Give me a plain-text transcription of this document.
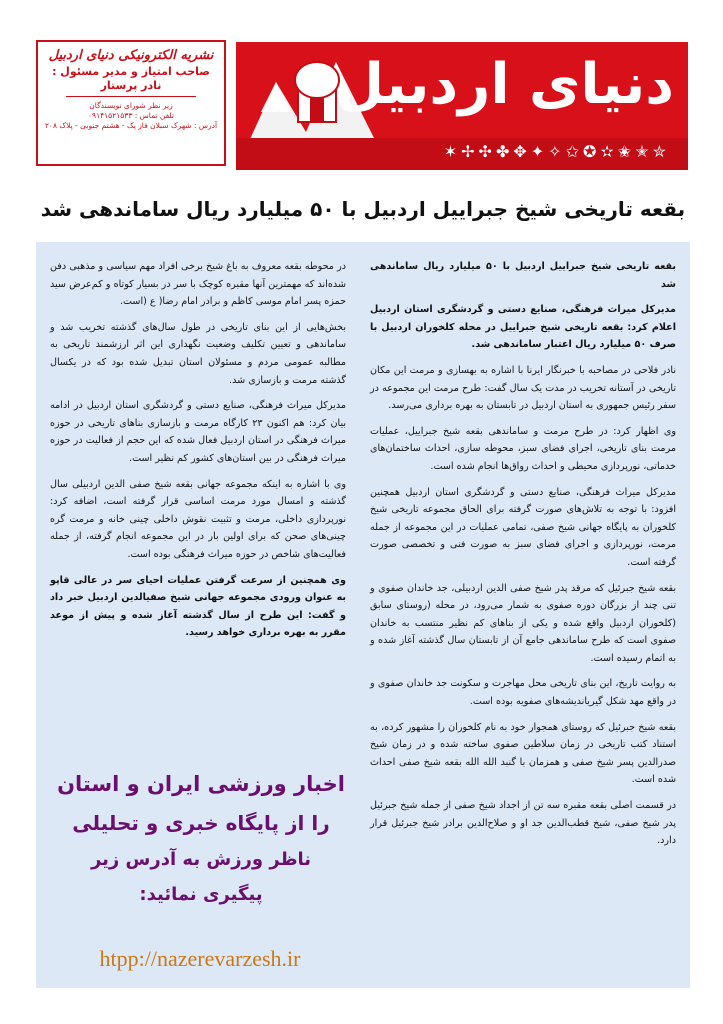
دنیای اردبیل
✶✢✣✤✥✦✧✩✪✫✬✭✮
نشریه الکترونیکی دنیای اردبیل
صاحب امتیاز و مدیر مسئول :
نادر پرستار
زیر نظر شورای نویسندگان
تلفن تماس : ۰۹۱۴۱۵۲۱۵۳۳
آدرس : شهرک سبلان فاز یک - هشتم جنوبی - پلاک ۲۰۸
بقعه تاریخی شیخ جبراییل اردبیل با ۵۰ میلیارد ریال ساماندهی شد

بقعه تاریخی شیخ جبراییل اردبیل با ۵۰ میلیارد ریال ساماندهی شد

مدیرکل میراث فرهنگی، صنایع دستی و گردشگری استان اردبیل اعلام کرد: بقعه تاریخی شیخ جبراییل در محله کلخوران اردبیل با صرف ۵۰ میلیارد ریال اعتبار ساماندهی شد.

نادر فلاحی در مصاحبه با خبرنگار ایرنا با اشاره به بهسازی و مرمت این مکان تاریخی در آستانه تخریب در مدت یک سال گفت: طرح مرمت این مجموعه در سفر رئیس جمهوری به استان اردبیل در تابستان به بهره برداری می‌رسد.

وی اظهار کرد: در طرح مرمت و ساماندهی بقعه شیخ جبراییل، عملیات مرمت بنای تاریخی، اجرای فضای سبز، محوطه سازی، احداث ساختمان‌های خدماتی، نورپردازی محیطی و احداث رواق‌ها انجام شده است.

مدیرکل میراث فرهنگی، صنایع دستی و گردشگری استان اردبیل همچنین افزود: با توجه به تلاش‌های صورت گرفته برای الحاق مجموعه تاریخی شیخ کلخوران به پایگاه جهانی شیخ صفی، تمامی عملیات در این مجموعه از جمله مرمت، نورپردازی و اجرای فضای سبز به صورت فنی و تخصصی صورت گرفته است.

بقعه شیخ جبرئیل که مرقد پدر شیخ صفی الدین اردبیلی، جد خاندان صفوی و تنی چند از بزرگان دوره صفوی به شمار می‌رود، در محله (روستای سابق (کلخوران اردبیل واقع شده و یکی از بناهای کم نظیر منتسب به خاندان صفوی است که طرح ساماندهی جامع آن از تابستان سال گذشته آغاز شده و به اتمام رسیده است.

به روایت تاریخ، این بنای تاریخی محل مهاجرت و سکونت جد خاندان صفوی و در واقع مهد شکل گیریاندیشه‌های صفویه بوده است.

بقعه شیخ جبرئیل که روستای همجوار خود به نام کلخوران را مشهور کرده، به استناد کتب تاریخی در زمان سلاطین صفوی ساخته شده و در زمان شیخ صدرالدین پسر شیخ صفی و همزمان با گنبد الله الله بقعه شیخ صفی احداث شده است.

در قسمت اصلی بقعه مقبره سه تن از اجداد شیخ صفی از جمله شیخ جبرئیل پدر شیخ صفی، شیخ قطب‌الدین جد او و صلاح‌الدین برادر شیخ جبرئیل قرار دارد.

در محوطه بقعه معروف به باغ شیخ برخی افراد مهم سیاسی و مذهبی دفن شده‌اند که مهمترین آنها مقبره کوچک با سر در بسیار کوتاه و کم‌عرض سید حمزه پسر امام موسی کاظم و برادر امام رضا( ع (است.

بخش‌هایی از این بنای تاریخی در طول سال‌های گذشته تخریب شد و ساماندهی و تعیین تکلیف وضعیت نگهداری این اثر ارزشمند تاریخی به مطالبه عمومی مردم و مسئولان استان تبدیل شده بود که در یکسال گذشته مرمت و بازسازی شد.

مدیرکل میراث فرهنگی، صنایع دستی و گردشگری استان اردبیل در ادامه بیان کرد: هم اکنون ۲۳ کارگاه مرمت و بازسازی بناهای تاریخی در حوزه میراث فرهنگی در استان اردبیل فعال شده که این حجم از فعالیت در حوزه میراث فرهنگی در بین استان‌های کشور کم نظیر است.

وی با اشاره به اینکه مجموعه جهانی بقعه شیخ صفی الدین اردبیلی سال گذشته و امسال مورد مرمت اساسی قرار گرفته است، اضافه کرد: نورپردازی داخلی، مرمت و تثبیت نقوش داخلی چینی خانه و مرمت گره چینی‌های صحن که برای اولین بار در این مجموعه انجام گرفته، از جمله فعالیت‌های شاخص در حوزه میراث فرهنگی بوده است.

وی همچنین از سرعت گرفتن عملیات احیای سر در عالی قاپو به عنوان ورودی مجموعه جهانی شیخ صفیالدین اردبیل خبر داد و گفت: این طرح از سال گذشته آغاز شده و پیش از موعد مقرر به بهره برداری خواهد رسید.

اخبار ورزشی ایران و استان
را از پایگاه خبری و تحلیلی
ناظر ورزش به آدرس زیر
پیگیری نمائید:
htpp://nazerevarzesh.ir
